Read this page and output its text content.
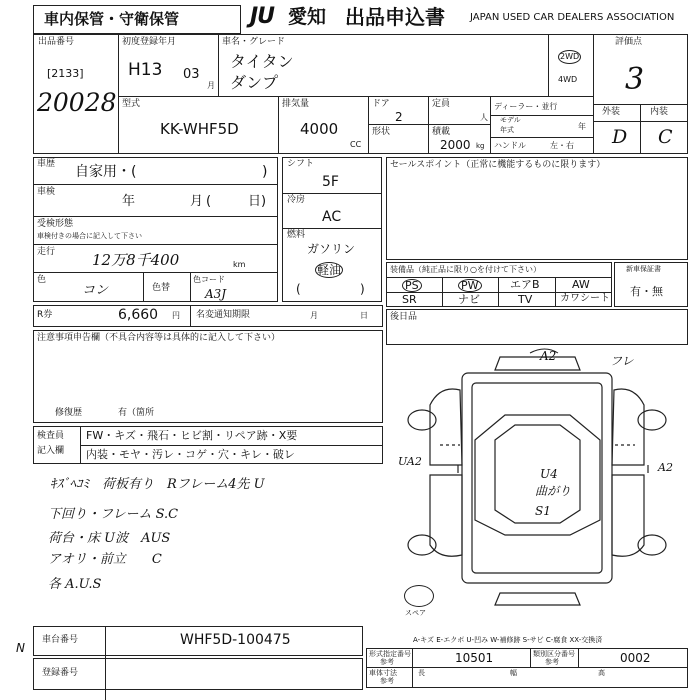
車内保管・守衛保管	JU 愛知 出品申込書	JAPAN USED CAR DEALERS ASSOCIATION
出品番号
[2133]
20028
初度登録年月
H13 03
月
車名・グレード
タイタン
ダンプ
2WD
4WD
評価点
3
外装	内装
D C
型式
KK-WHF5D
排気量
4000
CC
ドア
2
形状
定員
人
積載
2000 kg
ディーラー・並行
モデル
年式	年
ハンドル	左・右
車歴 自家用・(	)
車検
年	月 (	日)
受検形態
車検付きの場合に記入して下さい
走行 12万8千400	km
色
コン	色替
色コード
A3J
シフト
5F
冷房
AC
燃料
ガソリン
軽油
(	)
セールスポイント（正常に機能するものに限ります）
装備品（純正品に限り○を付けて下さい）
PS	PW	エアB	AW
SR	ナビ	TV	カワシート
新車保証書
有・無
R券	6,660 円 名変通知期限	月	日 後日品
注意事項申告欄（不具合内容等は具体的に記入して下さい）
修復歴	有（箇所
検査員
記入欄
FW・キズ・飛石・ヒビ割・リペア跡・X要
内装・モヤ・汚レ・コゲ・穴・キレ・破レ
ｷｽﾞﾍｺﾐ　荷板有り　Rフレーム4先 U
下回り・フレーム S.C
荷台・床 U波　AUS
アオリ・前立　　C
各 A.U.S
A2	フレ
UA2	A2
U4
曲がり
S1
スペア
A-キズ E-エクボ U-凹み W-補修跡 S-サビ C-腐食 XX-交換済
N
車台番号	WHF5D-100475
登録番号
形式指定番号
参考	10501	類別区分番号
参考	0002
車体寸法
参考
長	幅	高
